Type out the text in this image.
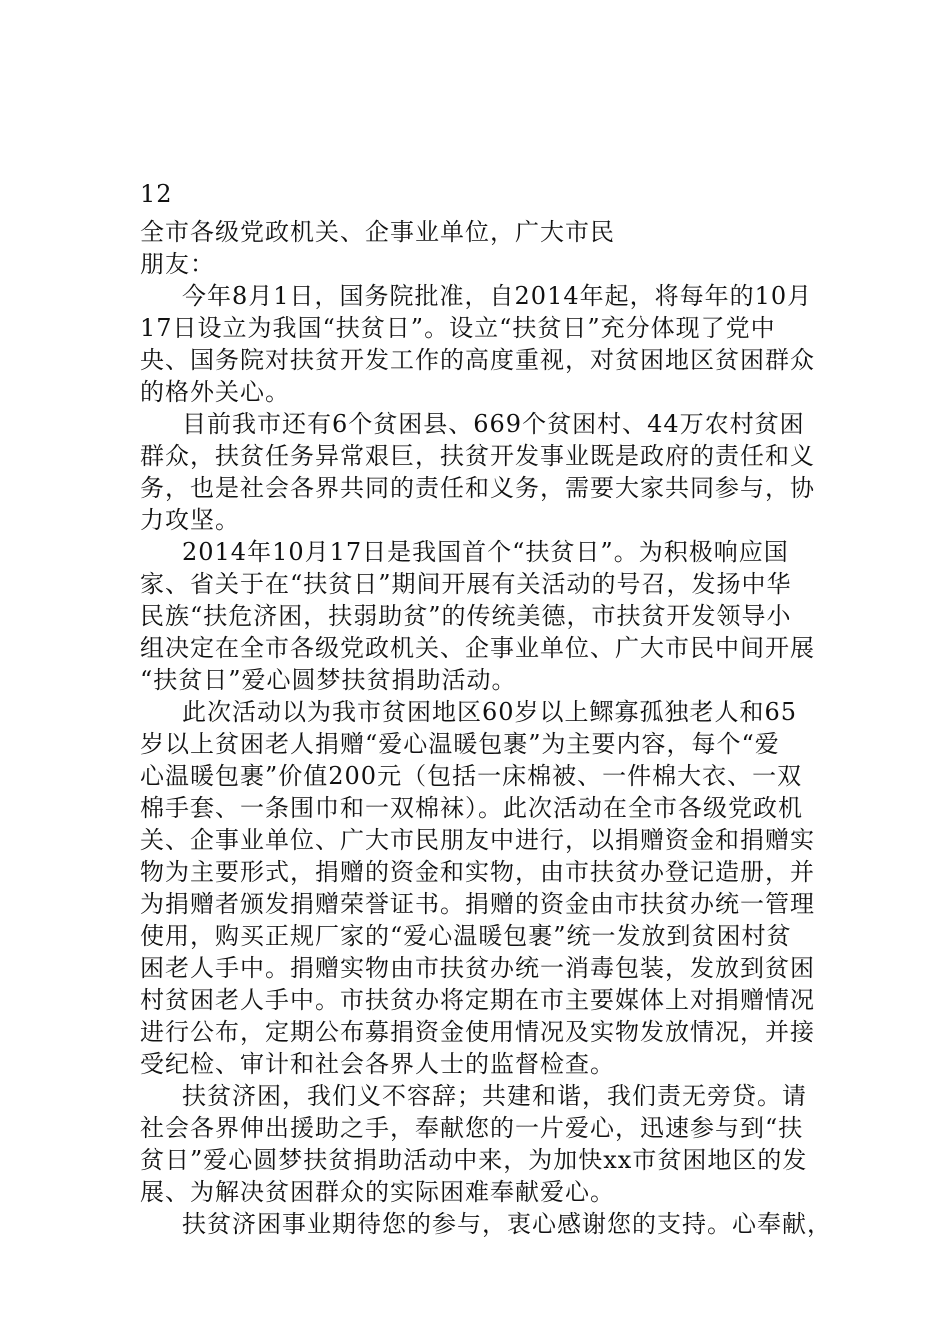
12
全市各级党政机关、企事业单位，广大市民
朋友：
今年8月1日，国务院批准，自2014年起，将每年的10月
17日设立为我国“扶贫日”。设立“扶贫日”充分体现了党中
央、国务院对扶贫开发工作的高度重视，对贫困地区贫困群众
的格外关心。
目前我市还有6个贫困县、669个贫困村、44万农村贫困
群众，扶贫任务异常艰巨，扶贫开发事业既是政府的责任和义
务，也是社会各界共同的责任和义务，需要大家共同参与，协
力攻坚。
2014年10月17日是我国首个“扶贫日”。为积极响应国
家、省关于在“扶贫日”期间开展有关活动的号召，发扬中华
民族“扶危济困，扶弱助贫”的传统美德，市扶贫开发领导小
组决定在全市各级党政机关、企事业单位、广大市民中间开展
“扶贫日”爱心圆梦扶贫捐助活动。
此次活动以为我市贫困地区60岁以上鳏寡孤独老人和65
岁以上贫困老人捐赠“爱心温暖包裹”为主要内容，每个“爱
心温暖包裹”价值200元（包括一床棉被、一件棉大衣、一双
棉手套、一条围巾和一双棉袜）。此次活动在全市各级党政机
关、企事业单位、广大市民朋友中进行，以捐赠资金和捐赠实
物为主要形式，捐赠的资金和实物，由市扶贫办登记造册，并
为捐赠者颁发捐赠荣誉证书。捐赠的资金由市扶贫办统一管理
使用，购买正规厂家的“爱心温暖包裹”统一发放到贫困村贫
困老人手中。捐赠实物由市扶贫办统一消毒包装，发放到贫困
村贫困老人手中。市扶贫办将定期在市主要媒体上对捐赠情况
进行公布，定期公布募捐资金使用情况及实物发放情况，并接
受纪检、审计和社会各界人士的监督检查。
扶贫济困，我们义不容辞；共建和谐，我们责无旁贷。请
社会各界伸出援助之手，奉献您的一片爱心，迅速参与到“扶
贫日”爱心圆梦扶贫捐助活动中来，为加快xx市贫困地区的发
展、为解决贫困群众的实际困难奉献爱心。
扶贫济困事业期待您的参与，衷心感谢您的支持。心奉献，
